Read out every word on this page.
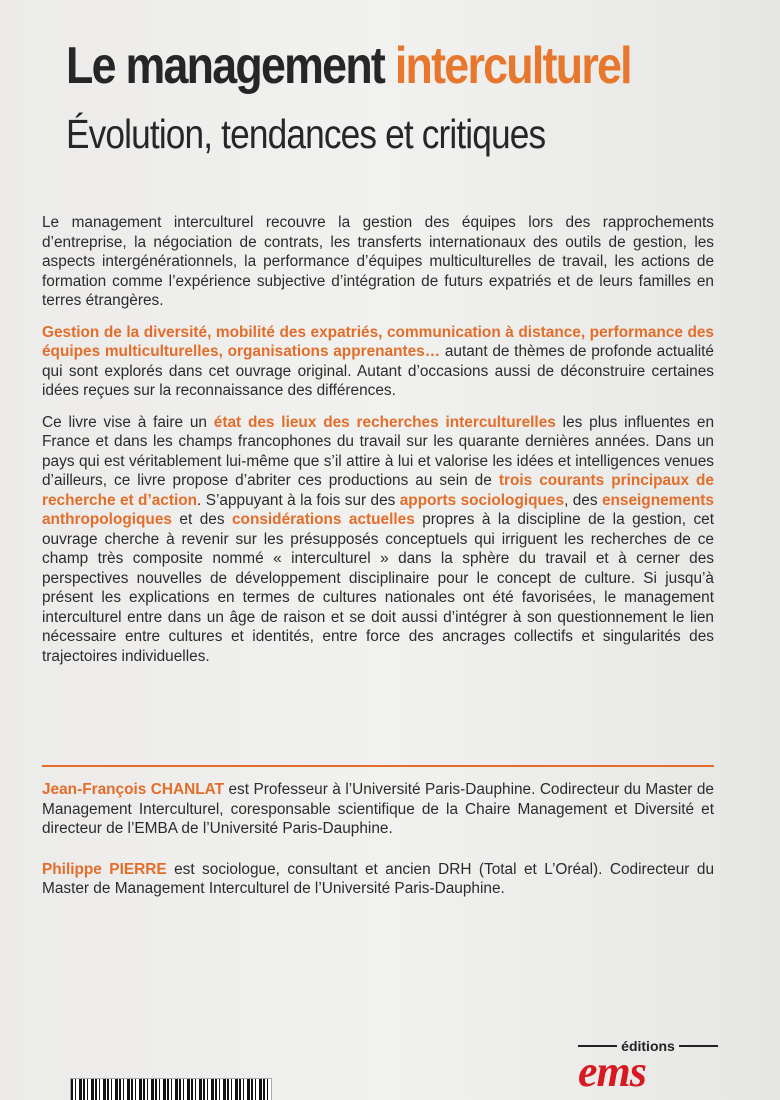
Le management interculturel
Évolution, tendances et critiques

Le management interculturel recouvre la gestion des équipes lors des rapprochements d’entreprise, la négociation de contrats, les transferts internationaux des outils de gestion, les aspects intergénérationnels, la performance d’équipes multiculturelles de travail, les actions de formation comme l’expérience subjective d’intégration de futurs expatriés et de leurs familles en terres étrangères.

Gestion de la diversité, mobilité des expatriés, communication à distance, performance des équipes multiculturelles, organisations apprenantes… autant de thèmes de profonde actualité qui sont explorés dans cet ouvrage original. Autant d’occasions aussi de déconstruire certaines idées reçues sur la reconnaissance des différences.

Ce livre vise à faire un état des lieux des recherches interculturelles les plus influentes en France et dans les champs francophones du travail sur les quarante dernières années. Dans un pays qui est véritablement lui-même que s’il attire à lui et valorise les idées et intelligences venues d’ailleurs, ce livre propose d’abriter ces productions au sein de trois courants principaux de recherche et d’action. S’appuyant à la fois sur des apports sociologiques, des enseignements anthropologiques et des considérations actuelles propres à la discipline de la gestion, cet ouvrage cherche à revenir sur les présupposés conceptuels qui irriguent les recherches de ce champ très composite nommé « interculturel » dans la sphère du travail et à cerner des perspectives nouvelles de développement disciplinaire pour le concept de culture. Si jusqu’à présent les explications en termes de cultures nationales ont été favorisées, le management interculturel entre dans un âge de raison et se doit aussi d’intégrer à son questionnement le lien nécessaire entre cultures et identités, entre force des ancrages collectifs et singularités des trajectoires individuelles.

Jean-François CHANLAT est Professeur à l’Université Paris-Dauphine. Codirecteur du Master de Management Interculturel, coresponsable scientifique de la Chaire Management et Diversité et directeur de l’EMBA de l’Université Paris-Dauphine.

Philippe PIERRE est sociologue, consultant et ancien DRH (Total et L’Oréal). Codirecteur du Master de Management Interculturel de l’Université Paris-Dauphine.

éditions
ems
